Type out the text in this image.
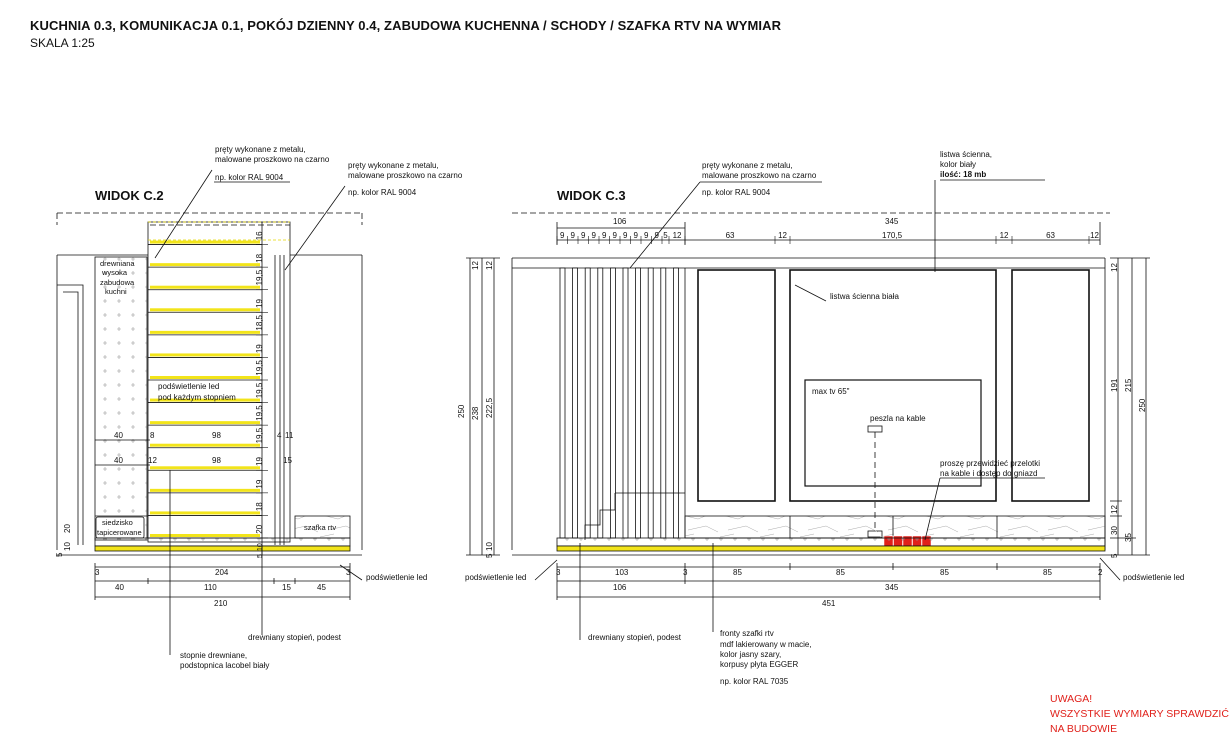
KUCHNIA 0.3, KOMUNIKACJA 0.1, POKÓJ DZIENNY 0.4, ZABUDOWA KUCHENNA / SCHODY / SZAFKA RTV NA WYMIAR
SKALA 1:25
UWAGA!
WSZYSTKIE WYMIARY SPRAWDZIĆ
NA BUDOWIE
WIDOK C.2
16
18
19,5
19
18,5
19
19,5
19,5
19,5
19,5
19
19
18
20
10
5
pręty wykonane z metalu,
malowane proszkowo na czarno
np. kolor RAL 9004
pręty wykonane z metalu,
malowane proszkowo na czarno
np. kolor RAL 9004
drewniana
wysoka
zabudowa
kuchni
podświetlenie led
pod każdym stopniem
siedzisko
tapicerowane
szafka rtv
podświetlenie led
drewniany stopień, podest
stopnie drewniane,
podstopnica lacobel biały
40	8	98	4 11
40	12	98	15
20
10
5
3	204	3
40	110	15	45
210
WIDOK C.3
9 9 9 9 9 9 9 9 9 9 5 12	63	12	170,5	12	63	12
106	345
12 12
250 238 222,5
10
5
12
191 215
250
12
30
35
5
3	103	3	85	85	85	85	2
106	345
451
pręty wykonane z metalu,
malowane proszkowo na czarno
np. kolor RAL 9004
listwa ścienna,
kolor biały
ilość: 18 mb
listwa ścienna biała
max tv 65"
peszla na kable
proszę przewidzieć przelotki
na kable i dostęp do gniazd
podświetlenie led	podświetlenie led
drewniany stopień, podest	fronty szafki rtv
mdf lakierowany w macie,
kolor jasny szary,
korpusy płyta EGGER
np. kolor RAL 7035
